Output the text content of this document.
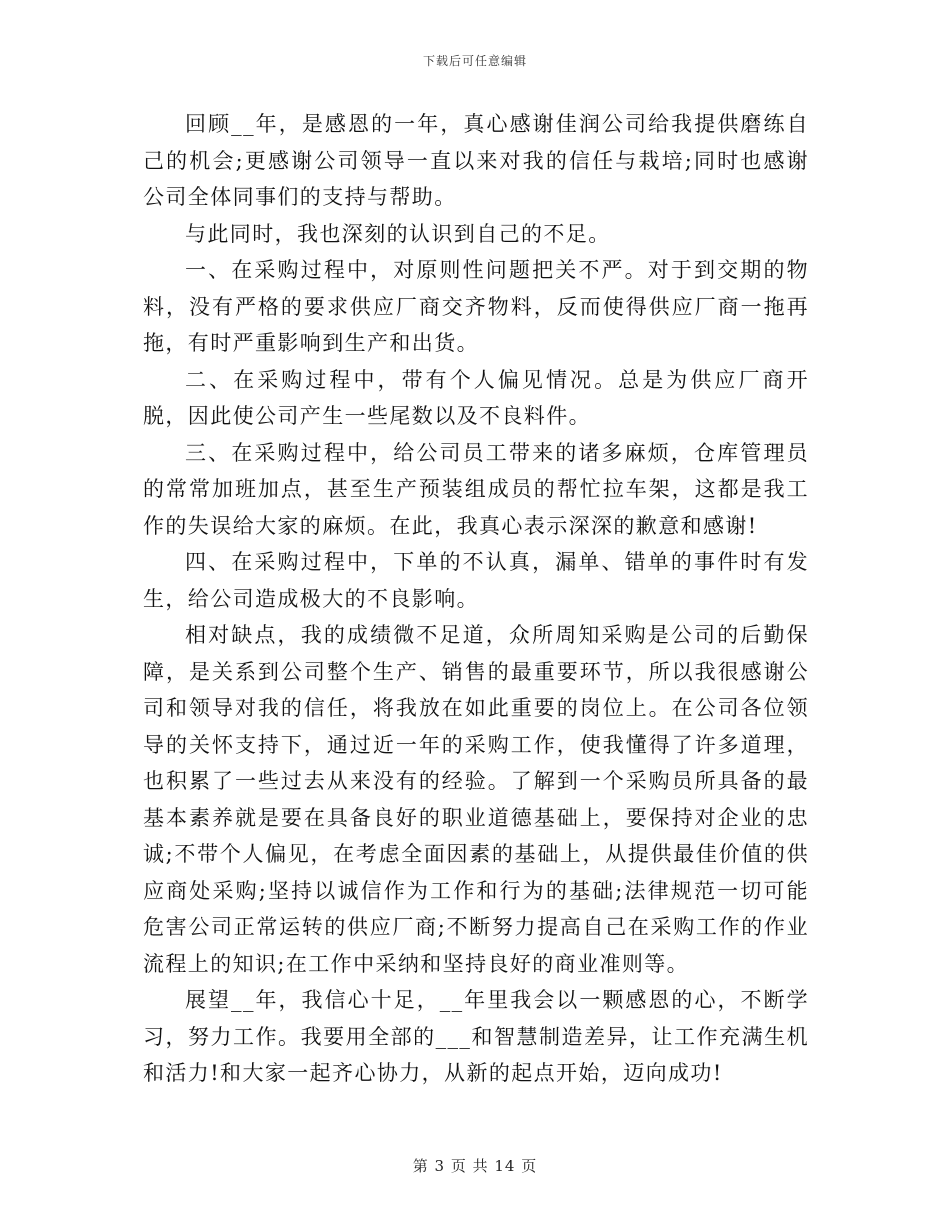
下载后可任意编辑

回顾__年，是感恩的一年，真心感谢佳润公司给我提供磨练自己的机会;更感谢公司领导一直以来对我的信任与栽培;同时也感谢公司全体同事们的支持与帮助。

与此同时，我也深刻的认识到自己的不足。

一、在采购过程中，对原则性问题把关不严。对于到交期的物料，没有严格的要求供应厂商交齐物料，反而使得供应厂商一拖再拖，有时严重影响到生产和出货。

二、在采购过程中，带有个人偏见情况。总是为供应厂商开脱，因此使公司产生一些尾数以及不良料件。

三、在采购过程中，给公司员工带来的诸多麻烦，仓库管理员的常常加班加点，甚至生产预装组成员的帮忙拉车架，这都是我工作的失误给大家的麻烦。在此，我真心表示深深的歉意和感谢!

四、在采购过程中，下单的不认真，漏单、错单的事件时有发生，给公司造成极大的不良影响。

相对缺点，我的成绩微不足道，众所周知采购是公司的后勤保障，是关系到公司整个生产、销售的最重要环节，所以我很感谢公司和领导对我的信任，将我放在如此重要的岗位上。在公司各位领导的关怀支持下，通过近一年的采购工作，使我懂得了许多道理，也积累了一些过去从来没有的经验。了解到一个采购员所具备的最基本素养就是要在具备良好的职业道德基础上，要保持对企业的忠诚;不带个人偏见，在考虑全面因素的基础上，从提供最佳价值的供应商处采购;坚持以诚信作为工作和行为的基础;法律规范一切可能危害公司正常运转的供应厂商;不断努力提高自己在采购工作的作业流程上的知识;在工作中采纳和坚持良好的商业准则等。

展望__年，我信心十足，__年里我会以一颗感恩的心，不断学习，努力工作。我要用全部的___和智慧制造差异，让工作充满生机和活力!和大家一起齐心协力，从新的起点开始，迈向成功!

第 3 页 共 14 页
